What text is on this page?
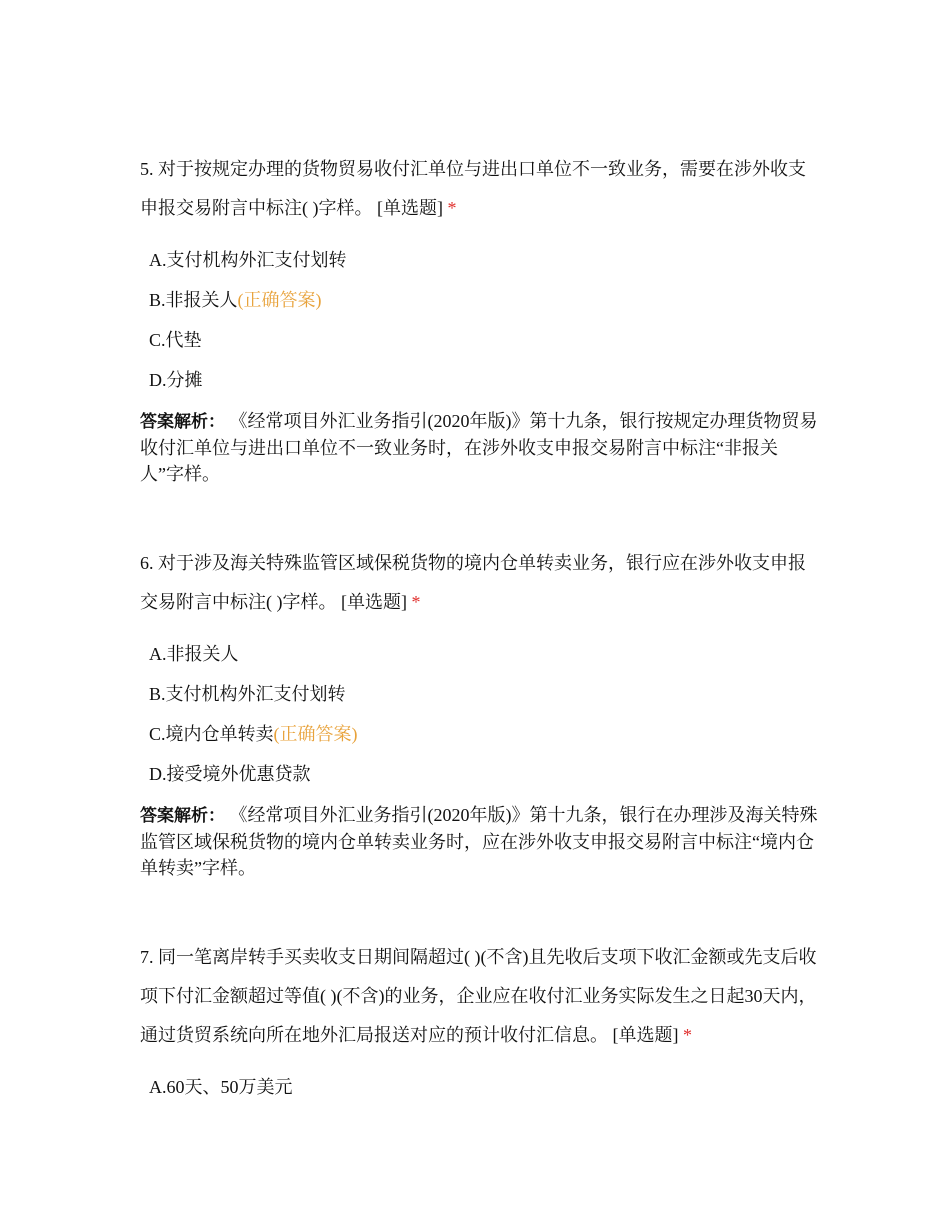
5. 对于按规定办理的货物贸易收付汇单位与进出口单位不一致业务，需要在涉外收支申报交易附言中标注( )字样。 [单选题] *

A.支付机构外汇支付划转
B.非报关人(正确答案)
C.代垫
D.分摊
答案解析： 《经常项目外汇业务指引(2020年版)》第十九条，银行按规定办理货物贸易收付汇单位与进出口单位不一致业务时，在涉外收支申报交易附言中标注“非报关人”字样。

6. 对于涉及海关特殊监管区域保税货物的境内仓单转卖业务，银行应在涉外收支申报交易附言中标注( )字样。 [单选题] *

A.非报关人
B.支付机构外汇支付划转
C.境内仓单转卖(正确答案)
D.接受境外优惠贷款
答案解析： 《经常项目外汇业务指引(2020年版)》第十九条，银行在办理涉及海关特殊监管区域保税货物的境内仓单转卖业务时，应在涉外收支申报交易附言中标注“境内仓单转卖”字样。

7. 同一笔离岸转手买卖收支日期间隔超过( )(不含)且先收后支项下收汇金额或先支后收项下付汇金额超过等值( )(不含)的业务，企业应在收付汇业务实际发生之日起30天内，通过货贸系统向所在地外汇局报送对应的预计收付汇信息。 [单选题] *

A.60天、50万美元
